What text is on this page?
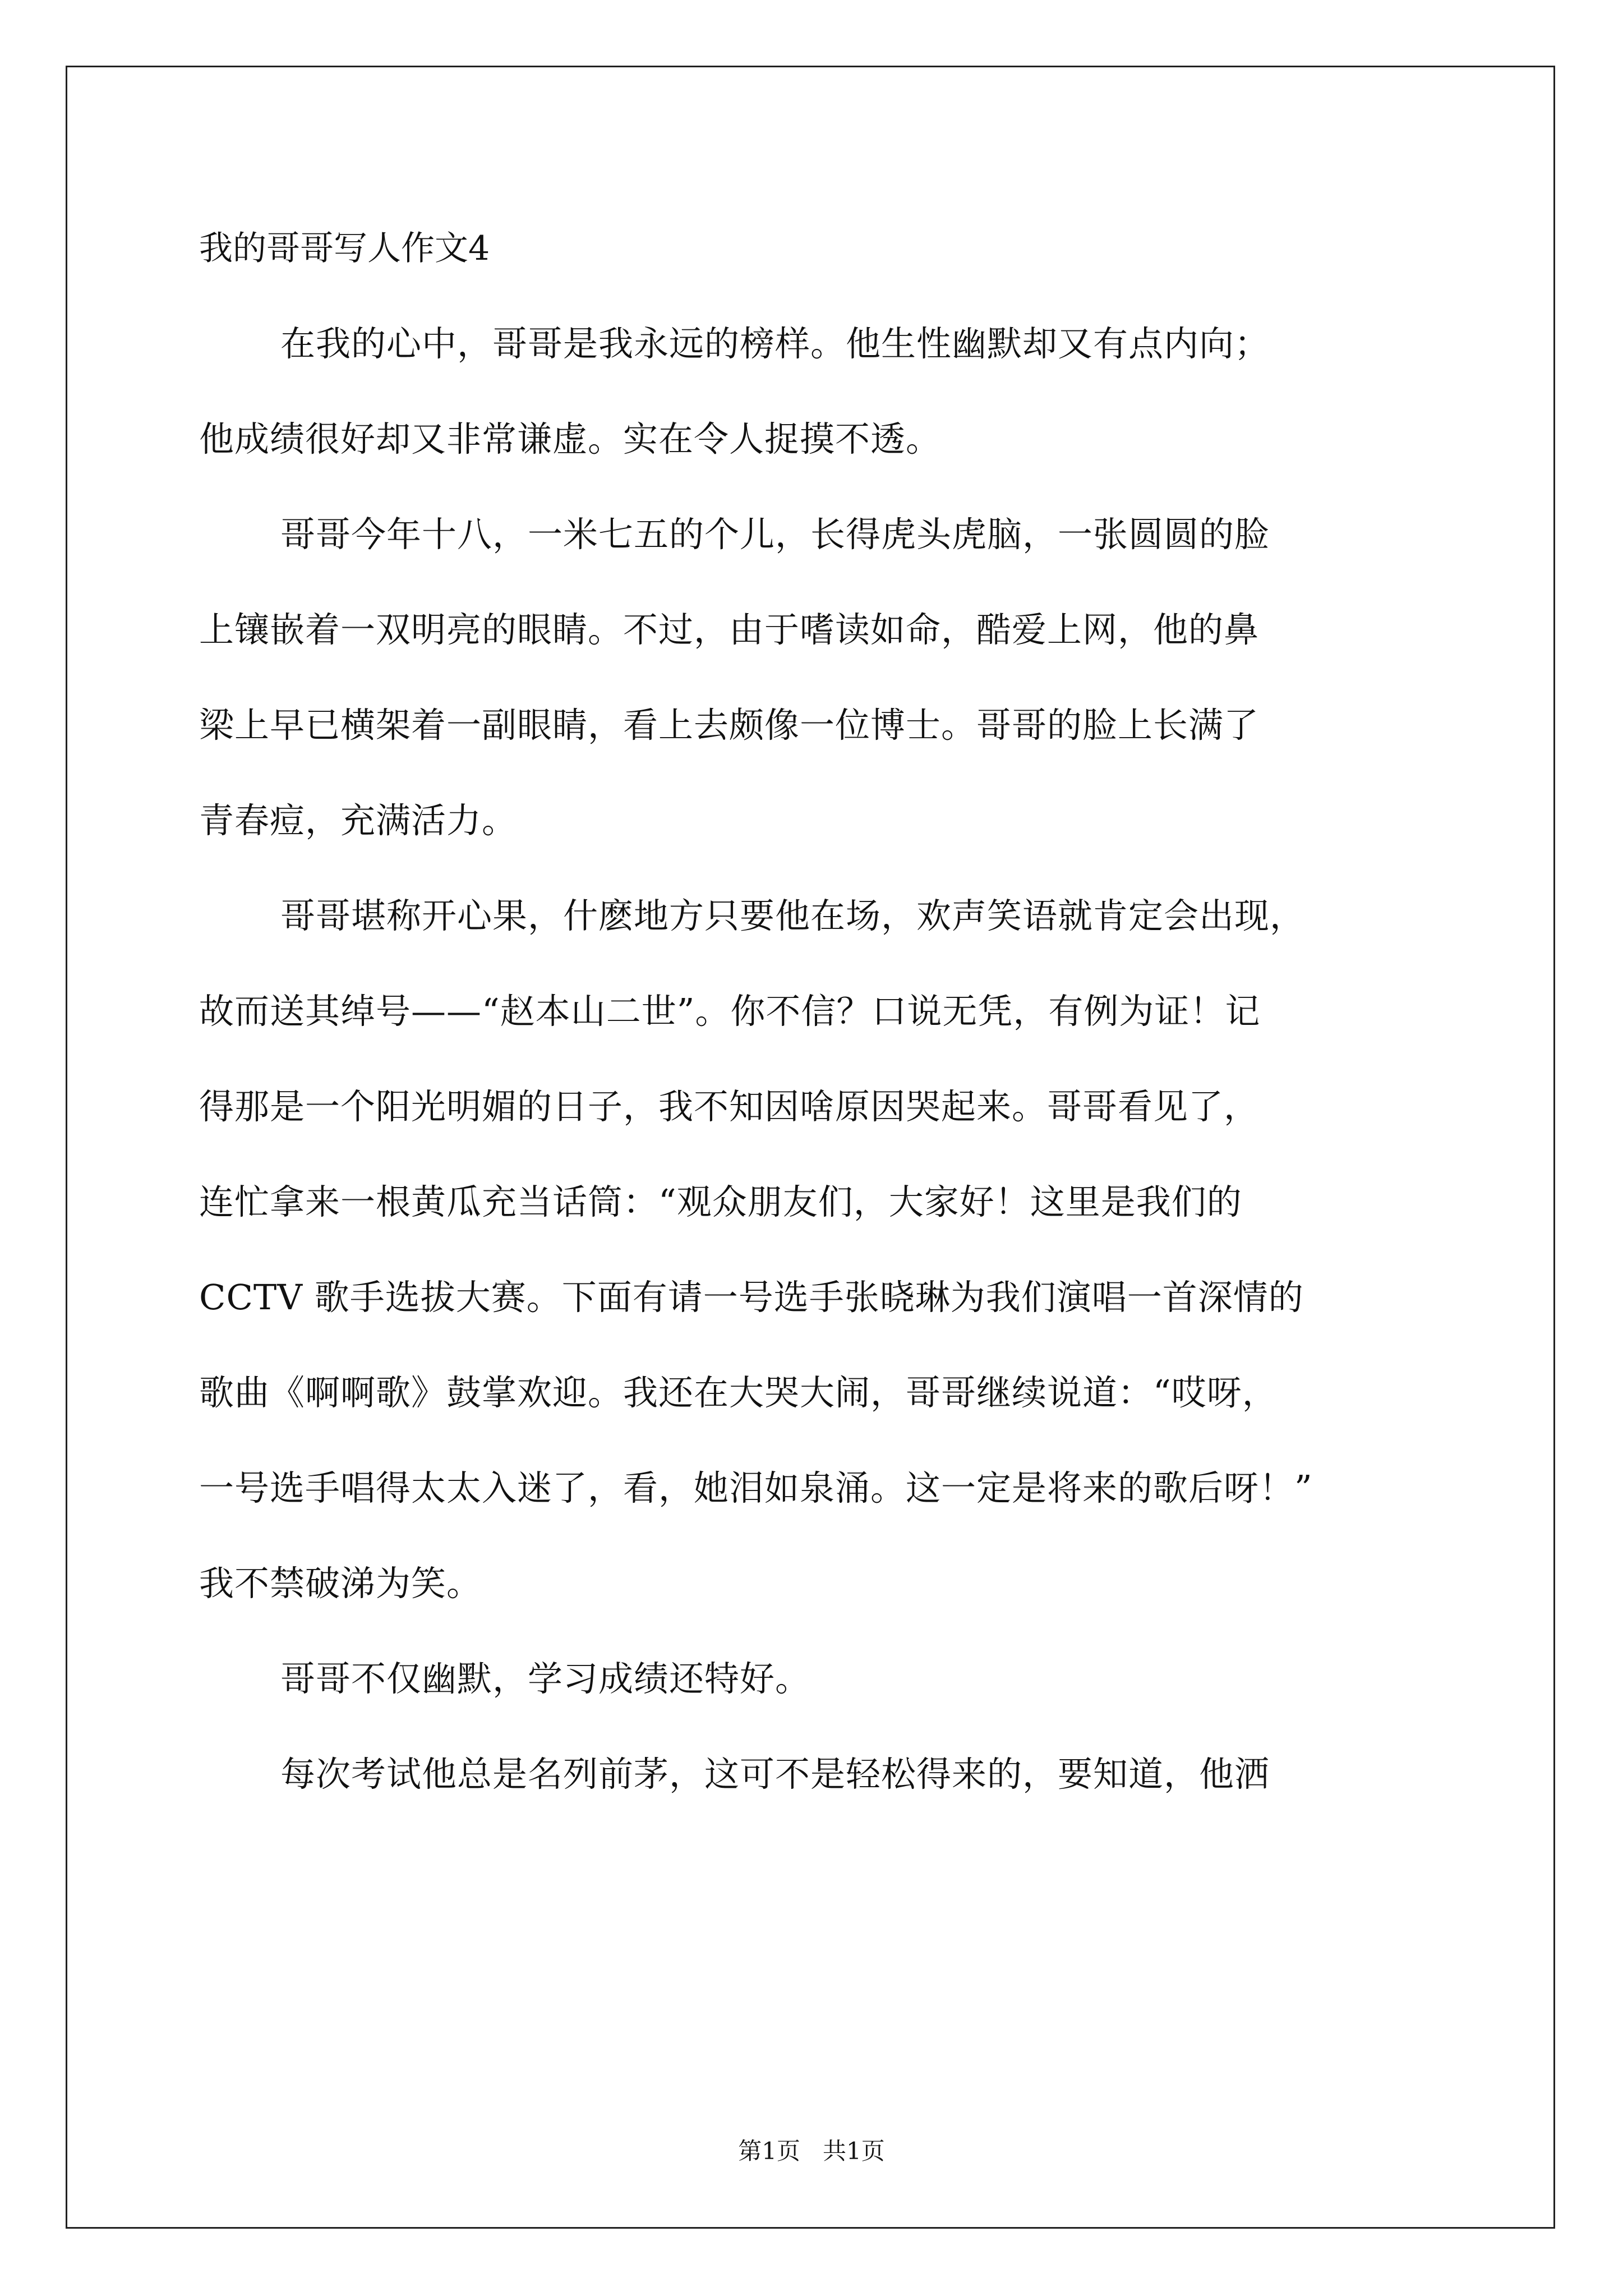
我的哥哥写人作文4
在我的心中，哥哥是我永远的榜样。他生性幽默却又有点内向；
他成绩很好却又非常谦虚。实在令人捉摸不透。
哥哥今年十八，一米七五的个儿，长得虎头虎脑，一张圆圆的脸
上镶嵌着一双明亮的眼睛。不过，由于嗜读如命，酷爱上网，他的鼻
梁上早已横架着一副眼睛，看上去颇像一位博士。哥哥的脸上长满了
青春痘，充满活力。
哥哥堪称开心果，什麽地方只要他在场，欢声笑语就肯定会出现，
故而送其绰号——“赵本山二世”。你不信？口说无凭，有例为证！记
得那是一个阳光明媚的日子，我不知因啥原因哭起来。哥哥看见了，
连忙拿来一根黄瓜充当话筒：“观众朋友们，大家好！这里是我们的
CCTV 歌手选拔大赛。下面有请一号选手张晓琳为我们演唱一首深情的
歌曲《啊啊歌》鼓掌欢迎。我还在大哭大闹，哥哥继续说道：“哎呀，
一号选手唱得太太入迷了，看，她泪如泉涌。这一定是将来的歌后呀！”
我不禁破涕为笑。
哥哥不仅幽默，学习成绩还特好。
每次考试他总是名列前茅，这可不是轻松得来的，要知道，他洒
第1页   共1页
